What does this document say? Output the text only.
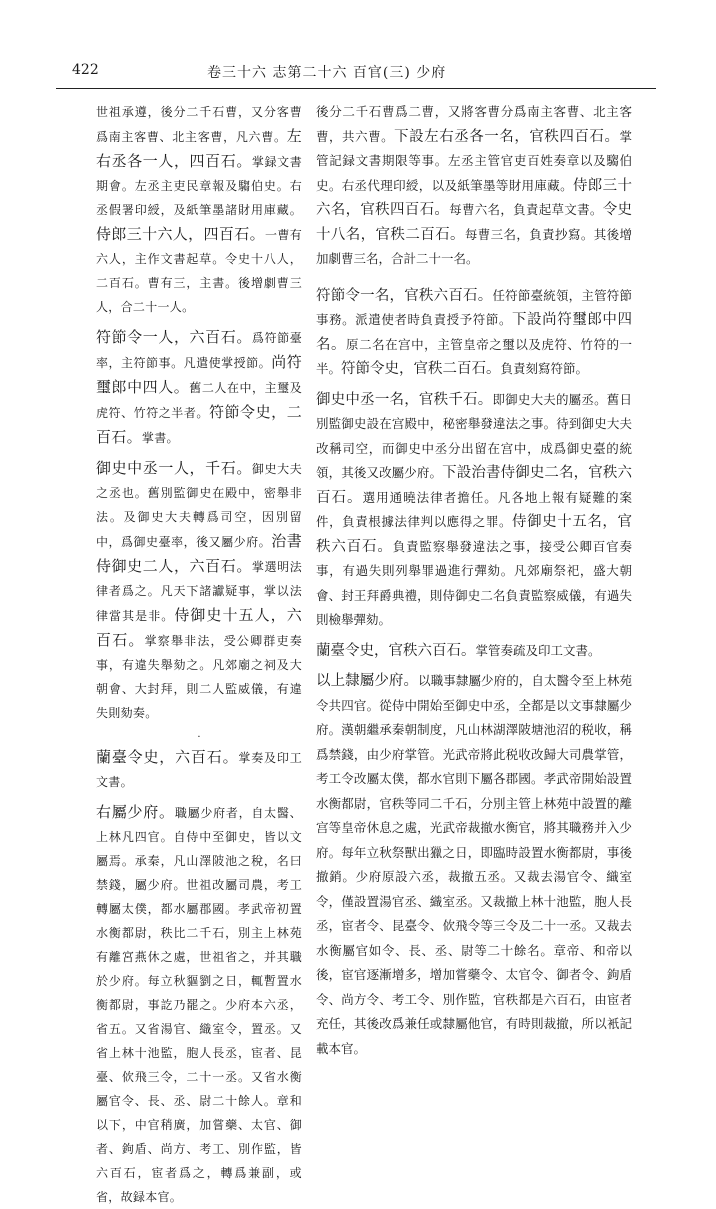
422	卷三十六 志第二十六 百官(三) 少府

世祖承遵，後分二千石曹，又分客曹爲南主客曹、北主客曹，凡六曹。左右丞各一人，四百石。掌録文書期會。左丞主吏民章報及騶伯史。右丞假署印綬，及紙筆墨諸財用庫藏。侍郎三十六人，四百石。一曹有六人，主作文書起草。令史十八人，二百石。曹有三，主書。後增劇曹三人，合二十一人。

符節令一人，六百石。爲符節臺率，主符節事。凡遣使掌授節。尚符璽郎中四人。舊二人在中，主璽及虎符、竹符之半者。符節令史，二百石。掌書。

御史中丞一人，千石。御史大夫之丞也。舊別監御史在殿中，密舉非法。及御史大夫轉爲司空，因別留中，爲御史臺率，後又屬少府。治書侍御史二人，六百石。掌選明法律者爲之。凡天下諸讞疑事，掌以法律當其是非。侍御史十五人，六百石。掌察舉非法，受公卿群吏奏事，有違失舉劾之。凡郊廟之祠及大朝會、大封拜，則二人監威儀，有違失則劾奏。

·

蘭臺令史，六百石。掌奏及印工文書。

右屬少府。職屬少府者，自太醫、上林凡四官。自侍中至御史，皆以文屬焉。承秦，凡山澤陂池之稅，名曰禁錢，屬少府。世祖改屬司農，考工轉屬太僕，都水屬郡國。孝武帝初置水衡都尉，秩比二千石，別主上林苑有離宮燕休之處，世祖省之，并其職於少府。每立秋貙劉之日，輒暫置水衡都尉，事訖乃罷之。少府本六丞，省五。又省湯官、織室令，置丞。又省上林十池監，胞人長丞，宦者、昆臺、佽飛三令，二十一丞。又省水衡屬官令、長、丞、尉二十餘人。章和以下，中官稍廣，加嘗藥、太官、御者、鉤盾、尚方、考工、別作監，皆六百石，宦者爲之，轉爲兼副，或省，故録本官。

後分二千石曹爲二曹，又將客曹分爲南主客曹、北主客曹，共六曹。下設左右丞各一名，官秩四百石。掌管記録文書期限等事。左丞主管官吏百姓奏章以及騶伯史。右丞代理印綬，以及紙筆墨等財用庫藏。侍郎三十六名，官秩四百石。每曹六名，負責起草文書。令史十八名，官秩二百石。每曹三名，負責抄寫。其後增加劇曹三名，合計二十一名。

符節令一名，官秩六百石。任符節臺統領，主管符節事務。派遣使者時負責授予符節。下設尚符璽郎中四名。原二名在宫中，主管皇帝之璽以及虎符、竹符的一半。符節令史，官秩二百石。負責刻寫符節。

御史中丞一名，官秩千石。即御史大夫的屬丞。舊日別監御史設在宫殿中，秘密舉發違法之事。待到御史大夫改稱司空，而御史中丞分出留在宫中，成爲御史臺的統領，其後又改屬少府。下設治書侍御史二名，官秩六百石。選用通曉法律者擔任。凡各地上報有疑難的案件，負責根據法律判以應得之罪。侍御史十五名，官秩六百石。負責監察舉發違法之事，接受公卿百官奏事，有過失則列舉罪過進行彈劾。凡郊廟祭祀，盛大朝會、封王拜爵典禮，則侍御史二名負責監察威儀，有過失則檢舉彈劾。

蘭臺令史，官秩六百石。掌管奏疏及印工文書。

以上隸屬少府。以職事隸屬少府的，自太醫令至上林苑令共四官。從侍中開始至御史中丞，全都是以文事隸屬少府。漢朝繼承秦朝制度，凡山林湖澤陂塘池沼的税收，稱爲禁錢，由少府掌管。光武帝將此税收改歸大司農掌管，考工令改屬太僕，都水官則下屬各郡國。孝武帝開始設置水衡都尉，官秩等同二千石，分別主管上林苑中設置的離宫等皇帝休息之處，光武帝裁撤水衡官，將其職務并入少府。每年立秋祭獸出獵之日，即臨時設置水衡都尉，事後撤銷。少府原設六丞，裁撤五丞。又裁去湯官令、織室令，僅設置湯官丞、織室丞。又裁撤上林十池監，胞人長丞，宦者令、昆臺令、佽飛令等三令及二十一丞。又裁去水衡屬官如令、長、丞、尉等二十餘名。章帝、和帝以後，宦官逐漸增多，增加嘗藥令、太官令、御者令、鉤盾令、尚方令、考工令、別作監，官秩都是六百石，由宦者充任，其後改爲兼任或隸屬他官，有時則裁撤，所以衹記載本官。
